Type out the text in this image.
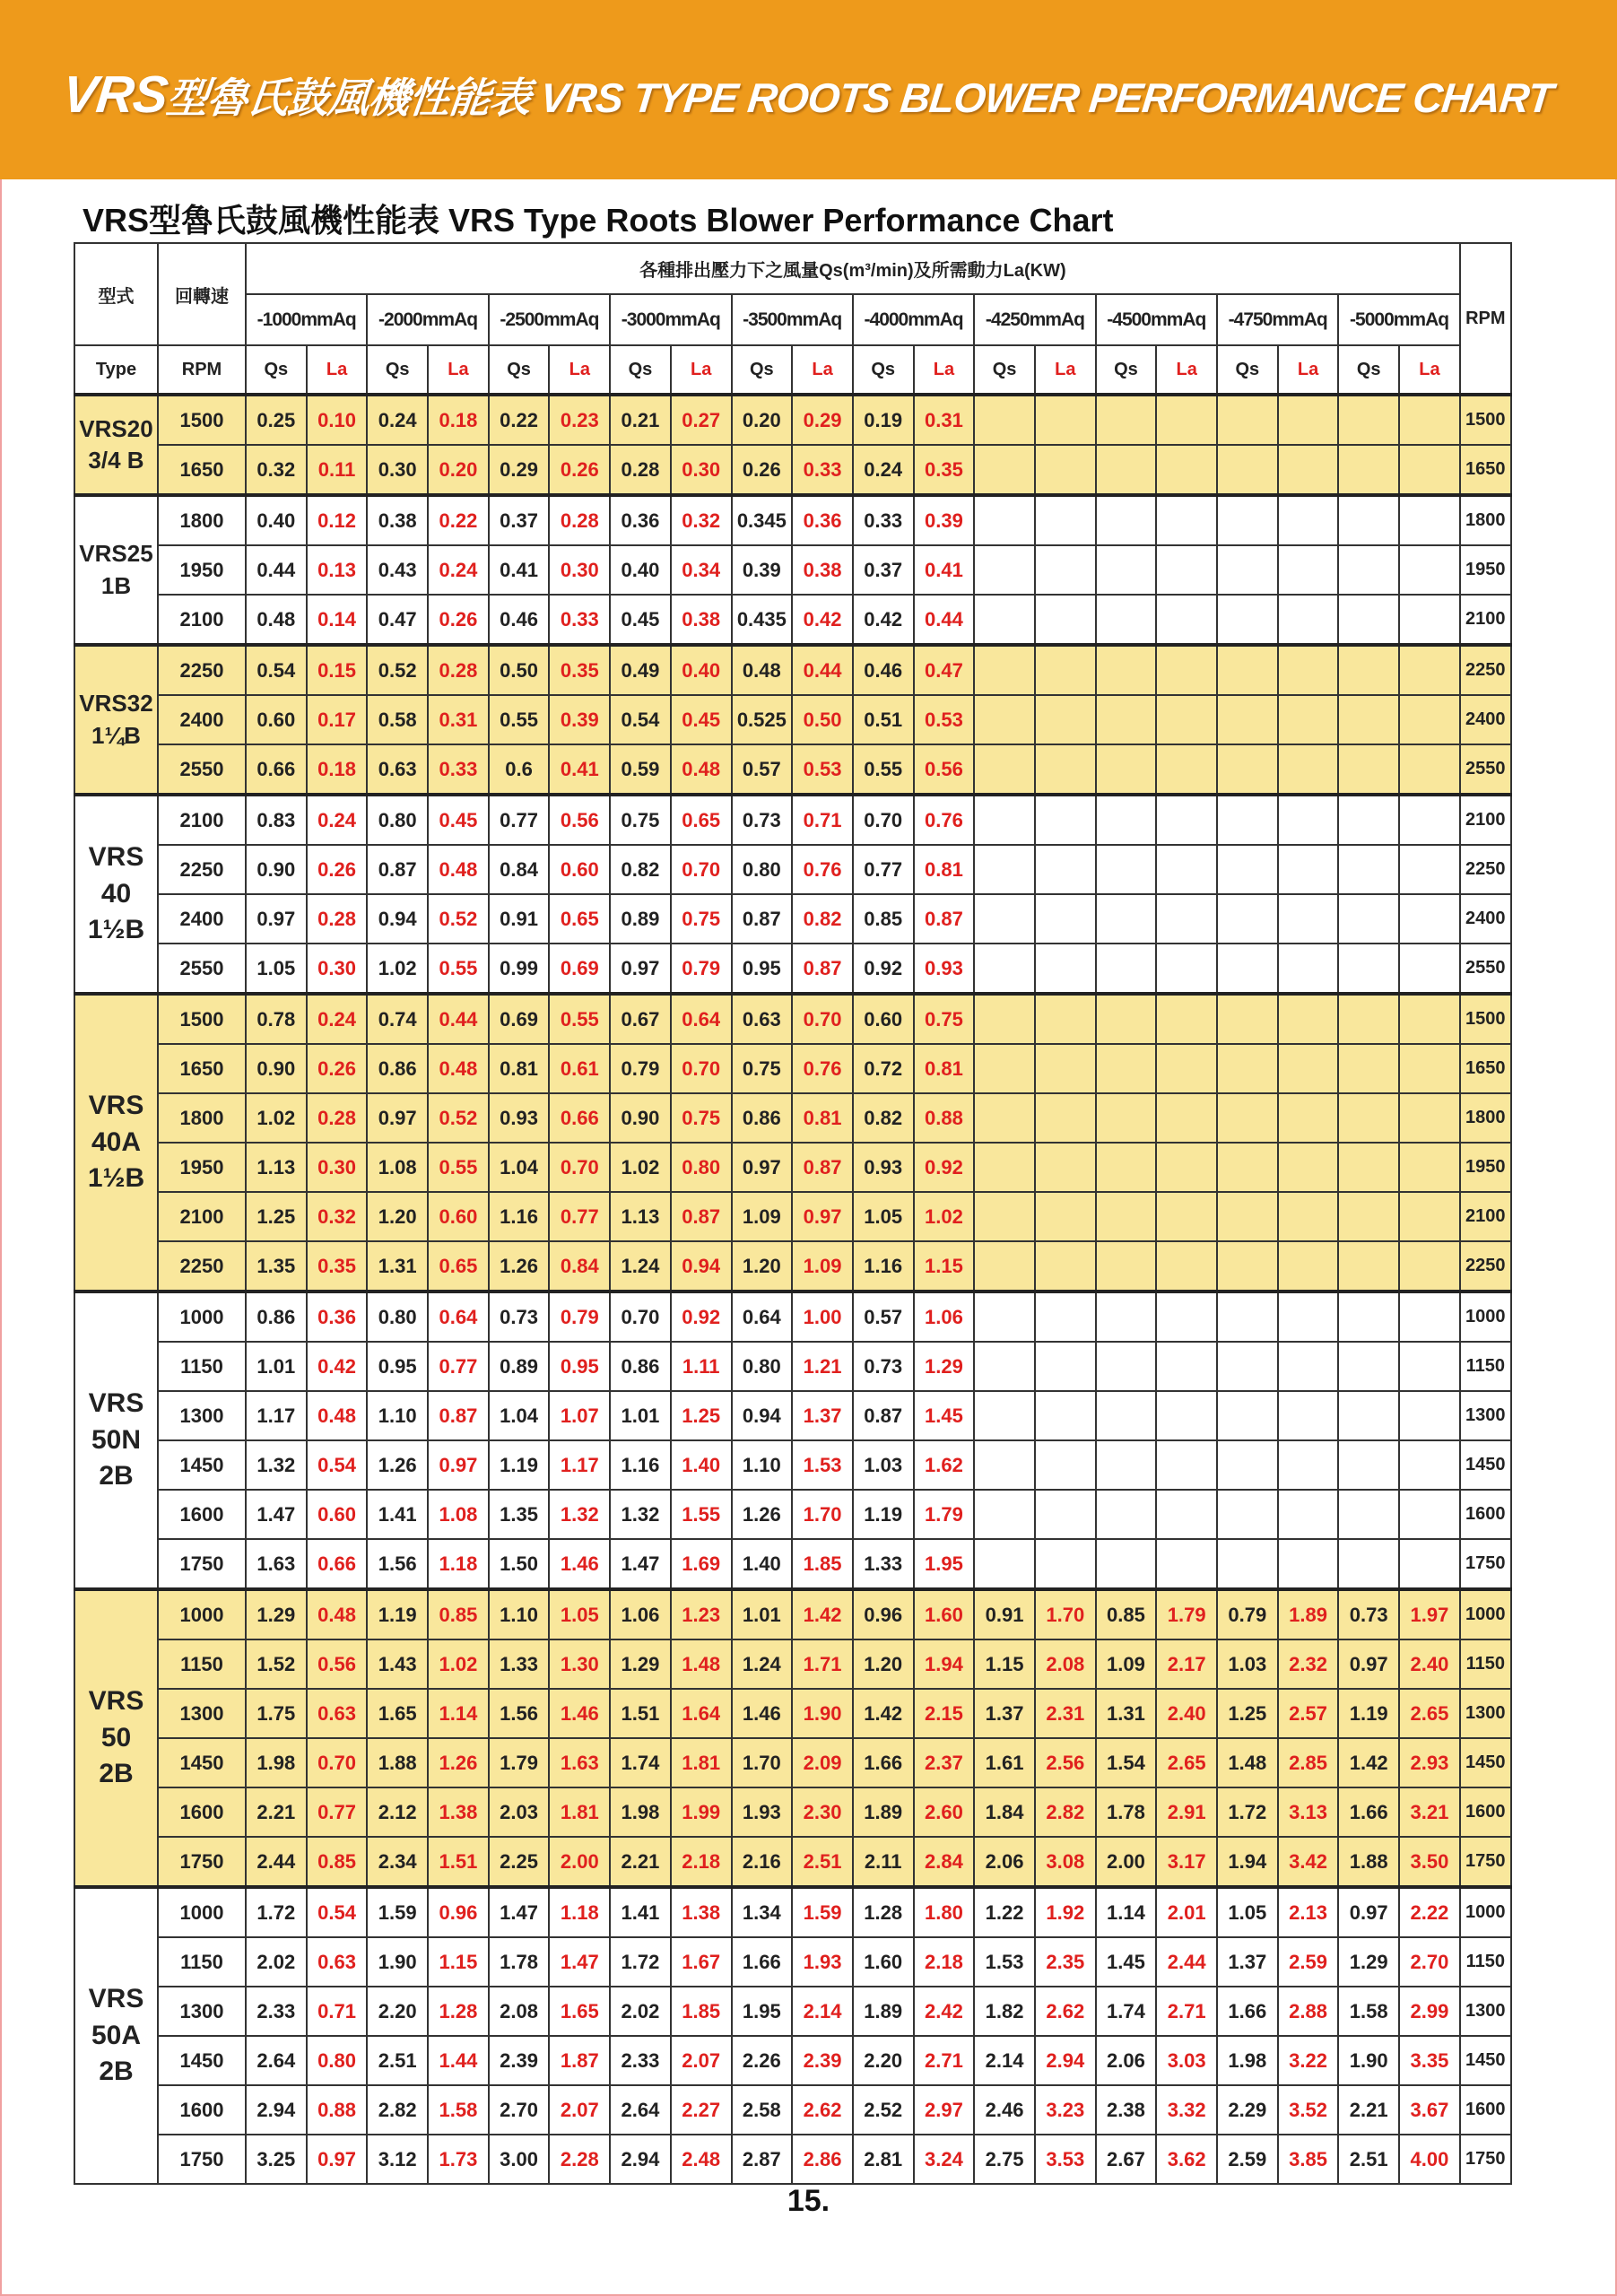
VRS型魯氏鼓風機性能表 VRS TYPE ROOTS BLOWER PERFORMANCE CHART
VRS型魯氏鼓風機性能表 VRS Type Roots Blower Performance Chart
型式	回轉速	各種排出壓力下之風量Qs(m³/min)及所需動力La(KW)																				RPM
		-1000mmAq		-2000mmAq		-2500mmAq		-3000mmAq		-3500mmAq		-4000mmAq		-4250mmAq		-4500mmAq		-4750mmAq		-5000mmAq		
Type	RPM	Qs	La	Qs	La	Qs	La	Qs	La	Qs	La	Qs	La	Qs	La	Qs	La	Qs	La	Qs	La	

VRS20
3/4 B	1500	0.25	0.10	0.24	0.18	0.22	0.23	0.21	0.27	0.20	0.29	0.19	0.31									1500
	1650	0.32	0.11	0.30	0.20	0.29	0.26	0.28	0.30	0.26	0.33	0.24	0.35									1650

VRS25
1B	1800	0.40	0.12	0.38	0.22	0.37	0.28	0.36	0.32	0.345	0.36	0.33	0.39									1800
	1950	0.44	0.13	0.43	0.24	0.41	0.30	0.40	0.34	0.39	0.38	0.37	0.41									1950
	2100	0.48	0.14	0.47	0.26	0.46	0.33	0.45	0.38	0.435	0.42	0.42	0.44									2100

VRS32
1¼B	2250	0.54	0.15	0.52	0.28	0.50	0.35	0.49	0.40	0.48	0.44	0.46	0.47									2250
	2400	0.60	0.17	0.58	0.31	0.55	0.39	0.54	0.45	0.525	0.50	0.51	0.53									2400
	2550	0.66	0.18	0.63	0.33	0.6	0.41	0.59	0.48	0.57	0.53	0.55	0.56									2550

VRS
40
1½B	2100	0.83	0.24	0.80	0.45	0.77	0.56	0.75	0.65	0.73	0.71	0.70	0.76									2100
	2250	0.90	0.26	0.87	0.48	0.84	0.60	0.82	0.70	0.80	0.76	0.77	0.81									2250
	2400	0.97	0.28	0.94	0.52	0.91	0.65	0.89	0.75	0.87	0.82	0.85	0.87									2400
	2550	1.05	0.30	1.02	0.55	0.99	0.69	0.97	0.79	0.95	0.87	0.92	0.93									2550

VRS
40A
1½B	1500	0.78	0.24	0.74	0.44	0.69	0.55	0.67	0.64	0.63	0.70	0.60	0.75									1500
	1650	0.90	0.26	0.86	0.48	0.81	0.61	0.79	0.70	0.75	0.76	0.72	0.81									1650
	1800	1.02	0.28	0.97	0.52	0.93	0.66	0.90	0.75	0.86	0.81	0.82	0.88									1800
	1950	1.13	0.30	1.08	0.55	1.04	0.70	1.02	0.80	0.97	0.87	0.93	0.92									1950
	2100	1.25	0.32	1.20	0.60	1.16	0.77	1.13	0.87	1.09	0.97	1.05	1.02									2100
	2250	1.35	0.35	1.31	0.65	1.26	0.84	1.24	0.94	1.20	1.09	1.16	1.15									2250

VRS
50N
2B	1000	0.86	0.36	0.80	0.64	0.73	0.79	0.70	0.92	0.64	1.00	0.57	1.06									1000
	1150	1.01	0.42	0.95	0.77	0.89	0.95	0.86	1.11	0.80	1.21	0.73	1.29									1150
	1300	1.17	0.48	1.10	0.87	1.04	1.07	1.01	1.25	0.94	1.37	0.87	1.45									1300
	1450	1.32	0.54	1.26	0.97	1.19	1.17	1.16	1.40	1.10	1.53	1.03	1.62									1450
	1600	1.47	0.60	1.41	1.08	1.35	1.32	1.32	1.55	1.26	1.70	1.19	1.79									1600
	1750	1.63	0.66	1.56	1.18	1.50	1.46	1.47	1.69	1.40	1.85	1.33	1.95									1750

VRS
50
2B	1000	1.29	0.48	1.19	0.85	1.10	1.05	1.06	1.23	1.01	1.42	0.96	1.60	0.91	1.70	0.85	1.79	0.79	1.89	0.73	1.97	1000
	1150	1.52	0.56	1.43	1.02	1.33	1.30	1.29	1.48	1.24	1.71	1.20	1.94	1.15	2.08	1.09	2.17	1.03	2.32	0.97	2.40	1150
	1300	1.75	0.63	1.65	1.14	1.56	1.46	1.51	1.64	1.46	1.90	1.42	2.15	1.37	2.31	1.31	2.40	1.25	2.57	1.19	2.65	1300
	1450	1.98	0.70	1.88	1.26	1.79	1.63	1.74	1.81	1.70	2.09	1.66	2.37	1.61	2.56	1.54	2.65	1.48	2.85	1.42	2.93	1450
	1600	2.21	0.77	2.12	1.38	2.03	1.81	1.98	1.99	1.93	2.30	1.89	2.60	1.84	2.82	1.78	2.91	1.72	3.13	1.66	3.21	1600
	1750	2.44	0.85	2.34	1.51	2.25	2.00	2.21	2.18	2.16	2.51	2.11	2.84	2.06	3.08	2.00	3.17	1.94	3.42	1.88	3.50	1750

VRS
50A
2B	1000	1.72	0.54	1.59	0.96	1.47	1.18	1.41	1.38	1.34	1.59	1.28	1.80	1.22	1.92	1.14	2.01	1.05	2.13	0.97	2.22	1000
	1150	2.02	0.63	1.90	1.15	1.78	1.47	1.72	1.67	1.66	1.93	1.60	2.18	1.53	2.35	1.45	2.44	1.37	2.59	1.29	2.70	1150
	1300	2.33	0.71	2.20	1.28	2.08	1.65	2.02	1.85	1.95	2.14	1.89	2.42	1.82	2.62	1.74	2.71	1.66	2.88	1.58	2.99	1300
	1450	2.64	0.80	2.51	1.44	2.39	1.87	2.33	2.07	2.26	2.39	2.20	2.71	2.14	2.94	2.06	3.03	1.98	3.22	1.90	3.35	1450
	1600	2.94	0.88	2.82	1.58	2.70	2.07	2.64	2.27	2.58	2.62	2.52	2.97	2.46	3.23	2.38	3.32	2.29	3.52	2.21	3.67	1600
	1750	3.25	0.97	3.12	1.73	3.00	2.28	2.94	2.48	2.87	2.86	2.81	3.24	2.75	3.53	2.67	3.62	2.59	3.85	2.51	4.00	1750
15.
